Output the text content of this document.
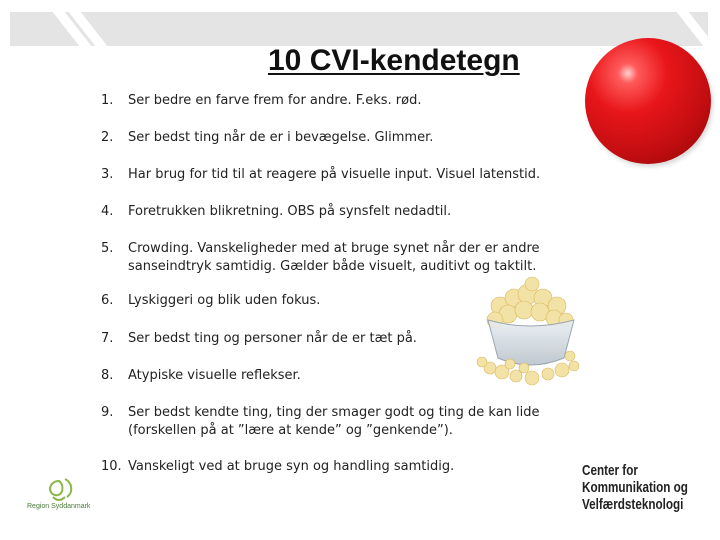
10 CVI-kendetegn
1. Ser bedre en farve frem for andre. F.eks. rød.
2. Ser bedst ting når de er i bevægelse. Glimmer.
3. Har brug for tid til at reagere på visuelle input. Visuel latenstid.
4. Foretrukken blikretning. OBS på synsfelt nedadtil.
5. Crowding. Vanskeligheder med at bruge synet når der er andre sanseindtryk samtidig. Gælder både visuelt, auditivt og taktilt.
6. Lyskiggeri og blik uden fokus.
7. Ser bedst ting og personer når de er tæt på.
8. Atypiske visuelle reflekser.
9. Ser bedst kendte ting, ting der smager godt og ting de kan lide (forskellen på at ”lære at kende” og ”genkende”).
10. Vanskeligt ved at bruge syn og handling samtidig.
Region Syddanmark
Center for
Kommunikation og
Velfærdsteknologi
